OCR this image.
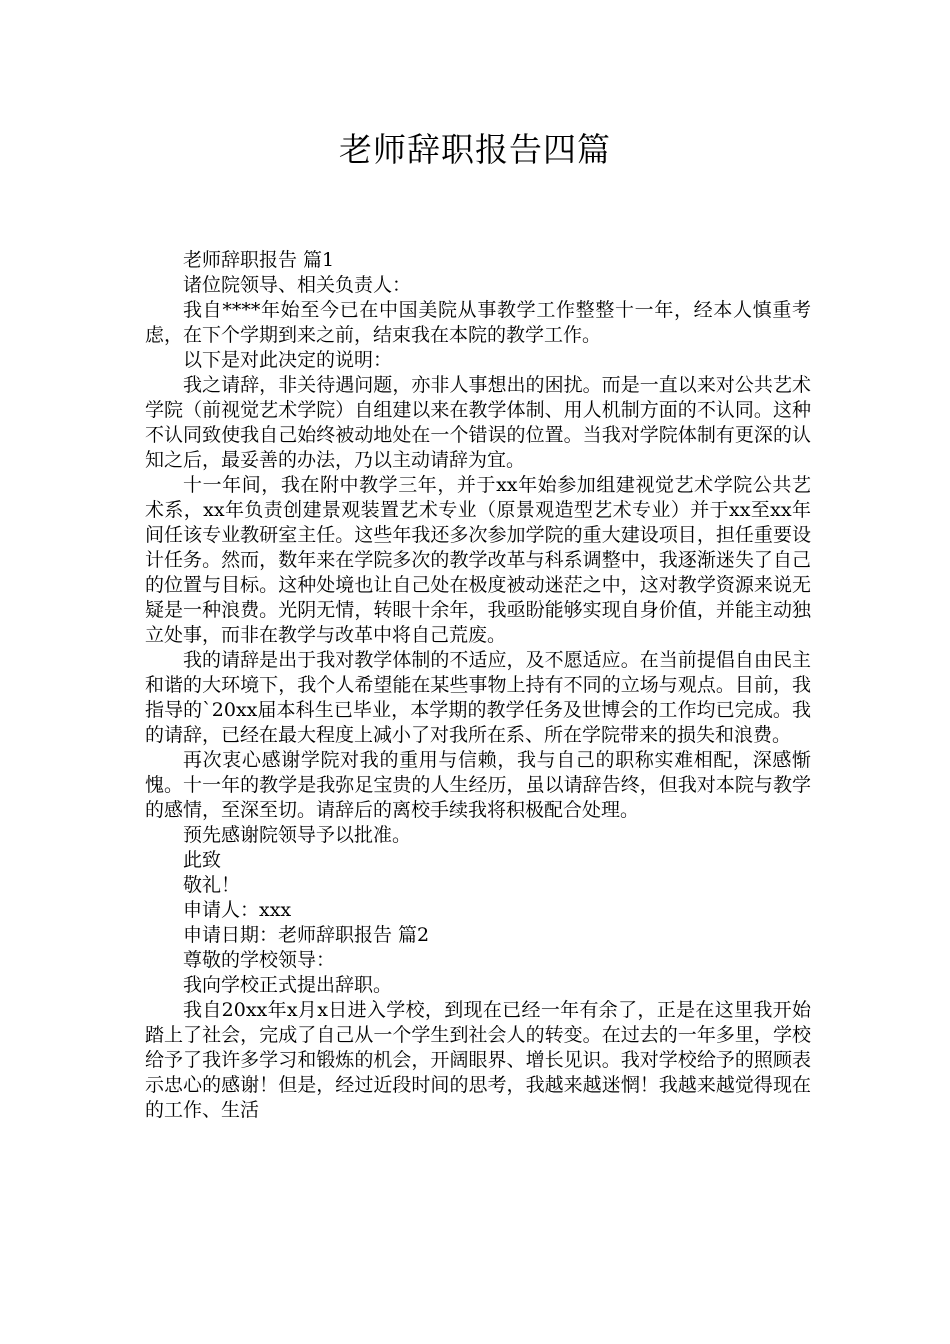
老师辞职报告四篇

老师辞职报告 篇1

诸位院领导、相关负责人：

我自****年始至今已在中国美院从事教学工作整整十一年，经本人慎重考虑，在下个学期到来之前，结束我在本院的教学工作。

以下是对此决定的说明：

我之请辞，非关待遇问题，亦非人事想出的困扰。而是一直以来对公共艺术学院（前视觉艺术学院）自组建以来在教学体制、用人机制方面的不认同。这种不认同致使我自己始终被动地处在一个错误的位置。当我对学院体制有更深的认知之后，最妥善的办法，乃以主动请辞为宜。

十一年间，我在附中教学三年，并于xx年始参加组建视觉艺术学院公共艺术系，xx年负责创建景观装置艺术专业（原景观造型艺术专业）并于xx至xx年间任该专业教研室主任。这些年我还多次参加学院的重大建设项目，担任重要设计任务。然而，数年来在学院多次的教学改革与科系调整中，我逐渐迷失了自己的位置与目标。这种处境也让自己处在极度被动迷茫之中，这对教学资源来说无疑是一种浪费。光阴无情，转眼十余年，我亟盼能够实现自身价值，并能主动独立处事，而非在教学与改革中将自己荒废。

我的请辞是出于我对教学体制的不适应，及不愿适应。在当前提倡自由民主和谐的大环境下，我个人希望能在某些事物上持有不同的立场与观点。目前，我指导的`20xx届本科生已毕业，本学期的教学任务及世博会的工作均已完成。我的请辞，已经在最大程度上减小了对我所在系、所在学院带来的损失和浪费。

再次衷心感谢学院对我的重用与信赖，我与自己的职称实难相配，深感惭愧。十一年的教学是我弥足宝贵的人生经历，虽以请辞告终，但我对本院与教学的感情，至深至切。请辞后的离校手续我将积极配合处理。

预先感谢院领导予以批准。

此致

敬礼！

申请人：xxx

申请日期：老师辞职报告 篇2

尊敬的学校领导：

我向学校正式提出辞职。

我自20xx年x月x日进入学校，到现在已经一年有余了，正是在这里我开始踏上了社会，完成了自己从一个学生到社会人的转变。在过去的一年多里，学校给予了我许多学习和锻炼的机会，开阔眼界、增长见识。我对学校给予的照顾表示忠心的感谢！但是，经过近段时间的思考，我越来越迷惘！我越来越觉得现在的工作、生活
